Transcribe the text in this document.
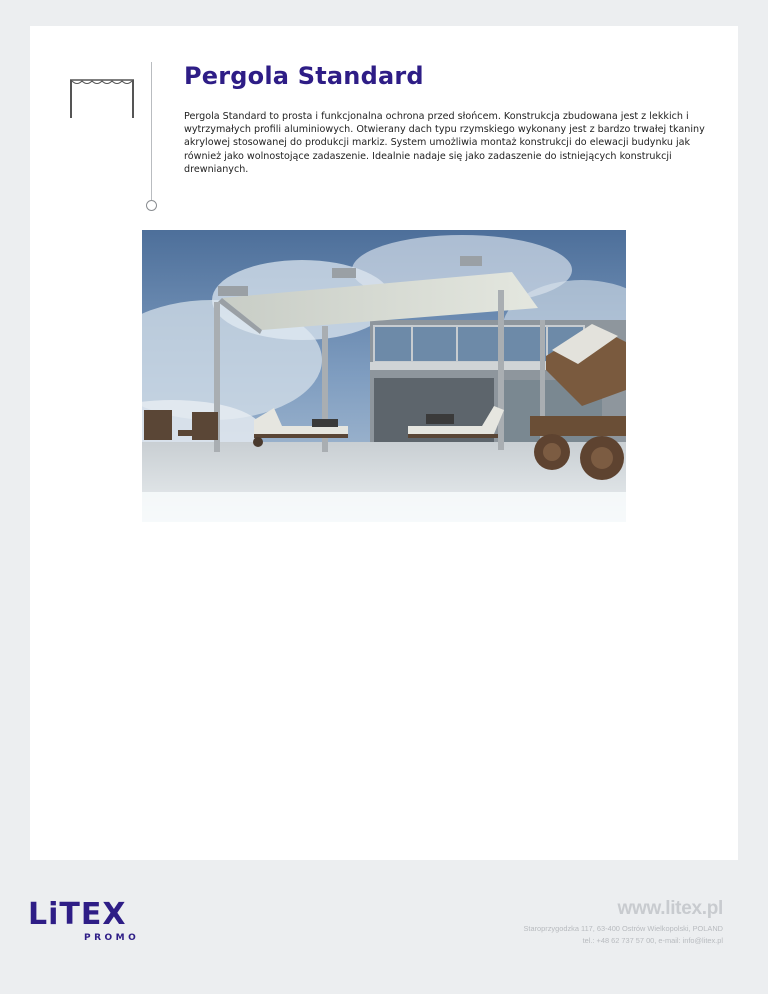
Pergola Standard

Pergola Standard to prosta i funkcjonalna ochrona przed słońcem. Konstrukcja zbudowana jest z lekkich i wytrzymałych profili aluminiowych. Otwierany dach typu rzymskiego wykonany jest z bardzo trwałej tkaniny akrylowej stosowanej do produkcji markiz. System umożliwia montaż konstrukcji do elewacji budynku jak również jako wolnostojące zadaszenie. Idealnie nadaje się jako zadaszenie do istniejących konstrukcji drewnianych.

LiTEX
PROMO
www.litex.pl
Staroprzygodzka 117, 63-400 Ostrów Wielkopolski, POLAND
tel.: +48 62 737 57 00, e-mail: info@litex.pl
